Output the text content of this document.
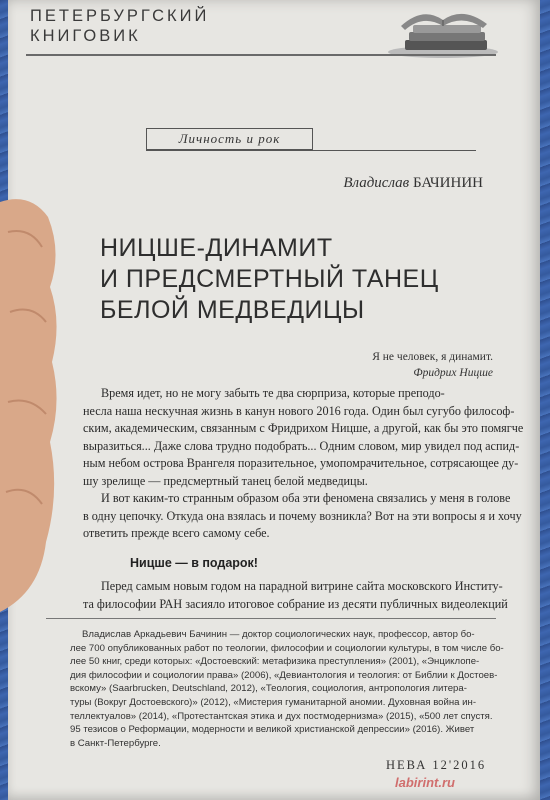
ПЕТЕРБУРГСКИЙ
КНИГОВИК
Личность и рок
Владислав БАЧИНИН
НИЦШЕ-ДИНАМИТ
И ПРЕДСМЕРТНЫЙ ТАНЕЦ
БЕЛОЙ МЕДВЕДИЦЫ
Я не человек, я динамит.
Фридрих Ницше
Время идет, но не могу забыть те два сюрприза, которые преподо-
несла наша нескучная жизнь в канун нового 2016 года. Один был сугубо философ-
ским, академическим, связанным с Фридрихом Ницше, а другой, как бы это помягче
выразиться... Даже слова трудно подобрать... Одним словом, мир увидел под аспид-
ным небом острова Врангеля поразительное, умопомрачительное, сотрясающее ду-
шу зрелище — предсмертный танец белой медведицы.
И вот каким-то странным образом оба эти феномена связались у меня в голове
в одну цепочку. Откуда она взялась и почему возникла? Вот на эти вопросы я и хочу
ответить прежде всего самому себе.
Ницше — в подарок!
Перед самым новым годом на парадной витрине сайта московского Институ-
та философии РАН засияло итоговое собрание из десяти публичных видеолекций
Владислав Аркадьевич Бачинин — доктор социологических наук, профессор, автор бо-
лее 700 опубликованных работ по теологии, философии и социологии культуры, в том числе бо-
лее 50 книг, среди которых: «Достоевский: метафизика преступления» (2001), «Энциклопе-
дия философии и социологии права» (2006), «Девиантология и теология: от Библии к Достоев-
вскому» (Saarbrucken, Deutschland, 2012), «Теология, социология, антропология литера-
туры (Вокруг Достоевского)» (2012), «Мистерия гуманитарной аномии. Духовная война ин-
теллектуалов» (2014), «Протестантская этика и дух постмодернизма» (2015), «500 лет спустя.
95 тезисов о Реформации, модерности и великой христианской депрессии» (2016). Живет
в Санкт-Петербурге.
НЕВА 12'2016
labirint.ru
